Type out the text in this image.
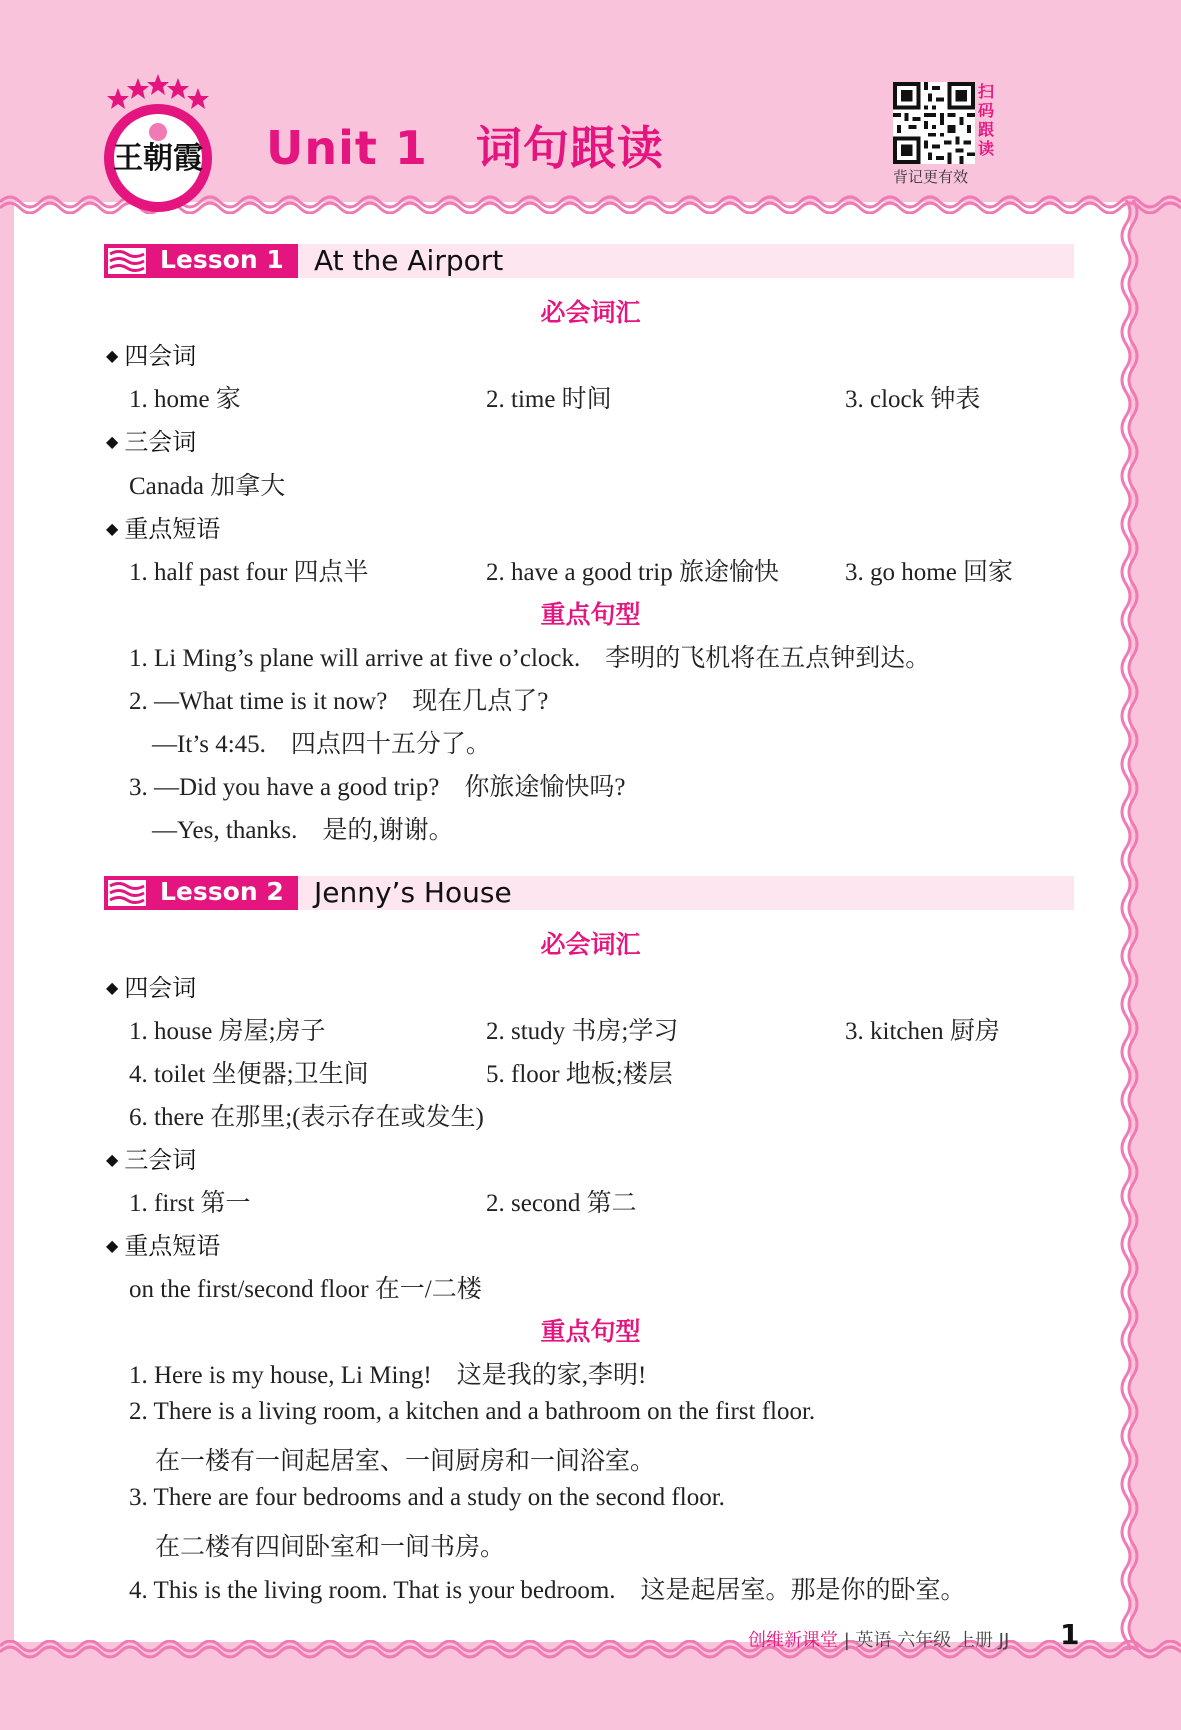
王朝霞 Unit 1 词句跟读
扫
码
跟
读
背记更有效
Lesson 1 At the Airport
必会词汇
◆ 四会词
1. home 家	2. time 时间	3. clock 钟表
◆ 三会词
Canada 加拿大
◆ 重点短语
1. half past four 四点半	2. have a good trip 旅途愉快	3. go home 回家
重点句型
1. Li Ming’s plane will arrive at five o’clock.　李明的飞机将在五点钟到达。
2. —What time is it now?　现在几点了?
—It’s 4:45.　四点四十五分了。
3. —Did you have a good trip?　你旅途愉快吗?
—Yes, thanks.　是的,谢谢。
Lesson 2 Jenny’s House
必会词汇
◆ 四会词
1. house 房屋;房子	2. study 书房;学习	3. kitchen 厨房
4. toilet 坐便器;卫生间	5. floor 地板;楼层
6. there 在那里;(表示存在或发生)
◆ 三会词
1. first 第一	2. second 第二
◆ 重点短语
on the first/second floor 在一/二楼
重点句型
1. Here is my house, Li Ming!　这是我的家,李明!
2. There is a living room, a kitchen and a bathroom on the first floor.
在一楼有一间起居室、一间厨房和一间浴室。
3. There are four bedrooms and a study on the second floor.
在二楼有四间卧室和一间书房。
4. This is the living room. That is your bedroom.　这是起居室。那是你的卧室。
创维新课堂 | 英语 六年级 上册 JJ 1
